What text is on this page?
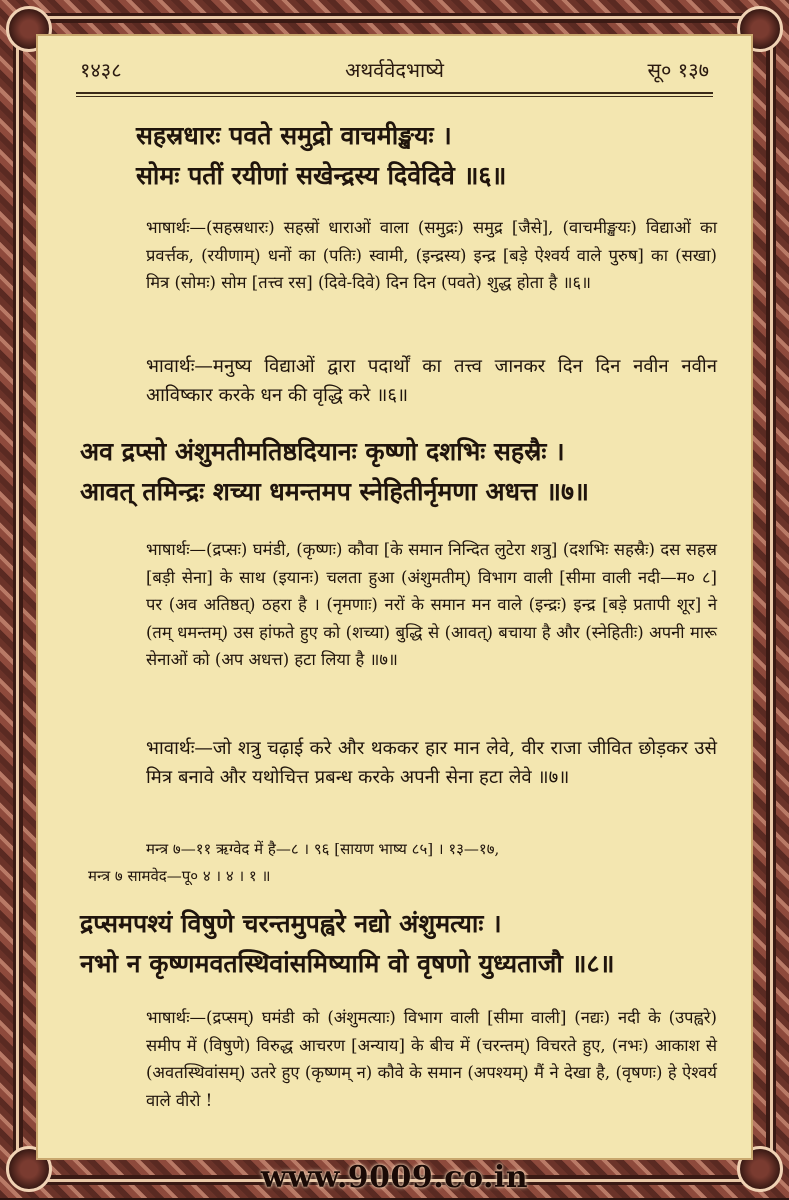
१४३८	अथर्ववेदभाष्ये	सू० १३७
सहस्रधारः पवते समुद्रो वाचमीङ्खयः ।
सोमः पतीं रयीणां सखेन्द्रस्य दिवेदिवे ॥६॥
भाषार्थः—(सहस्रधारः) सहस्रों धाराओं वाला (समुद्रः) समुद्र [जैसे], (वाचमीङ्खयः) विद्याओं का प्रवर्त्तक, (रयीणाम्) धनों का (पतिः) स्वामी, (इन्द्रस्य) इन्द्र [बड़े ऐश्वर्य वाले पुरुष] का (सखा) मित्र (सोमः) सोम [तत्त्व रस] (दिवे-दिवे) दिन दिन (पवते) शुद्ध होता है ॥६॥
भावार्थः—मनुष्य विद्याओं द्वारा पदार्थों का तत्त्व जानकर दिन दिन नवीन नवीन आविष्कार करके धन की वृद्धि करे ॥६॥
अव द्रप्सो अंशुमतीमतिष्ठदियानः कृष्णो दशभिः सहस्रैः ।
आवत् तमिन्द्रः शच्या धमन्तमप स्नेहितीर्नृमणा अधत्त ॥७॥
भाषार्थः—(द्रप्सः) घमंडी, (कृष्णः) कौवा [के समान निन्दित लुटेरा शत्रु] (दशभिः सहस्रैः) दस सहस्र [बड़ी सेना] के साथ (इयानः) चलता हुआ (अंशुमतीम्) विभाग वाली [सीमा वाली नदी—म० ८] पर (अव अतिष्ठत्) ठहरा है । (नृमणाः) नरों के समान मन वाले (इन्द्रः) इन्द्र [बड़े प्रतापी शूर] ने (तम् धमन्तम्) उस हांफते हुए को (शच्या) बुद्धि से (आवत्) बचाया है और (स्नेहितीः) अपनी मारू सेनाओं को (अप अधत्त) हटा लिया है ॥७॥
भावार्थः—जो शत्रु चढ़ाई करे और थककर हार मान लेवे, वीर राजा जीवित छोड़कर उसे मित्र बनावे और यथोचित्त प्रबन्ध करके अपनी सेना हटा लेवे ॥७॥
मन्त्र ७—११ ऋग्वेद में है—८ । ९६ [सायण भाष्य ८५] । १३—१७,
मन्त्र ७ सामवेद—पू० ४ । ४ । १ ॥
द्रप्समपश्यं विषुणे चरन्तमुपह्वरे नद्यो अंशुमत्याः ।
नभो न कृष्णमवतस्थिवांसमिष्यामि वो वृषणो युध्यताजौ ॥८॥
भाषार्थः—(द्रप्सम्) घमंडी को (अंशुमत्याः) विभाग वाली [सीमा वाली] (नद्यः) नदी के (उपह्वरे) समीप में (विषुणे) विरुद्ध आचरण [अन्याय] के बीच में (चरन्तम्) विचरते हुए, (नभः) आकाश से (अवतस्थिवांसम्) उतरे हुए (कृष्णम् न) कौवे के समान (अपश्यम्) मैं ने देखा है, (वृषणः) हे ऐश्वर्य वाले वीरो !
www.9009.co.in
